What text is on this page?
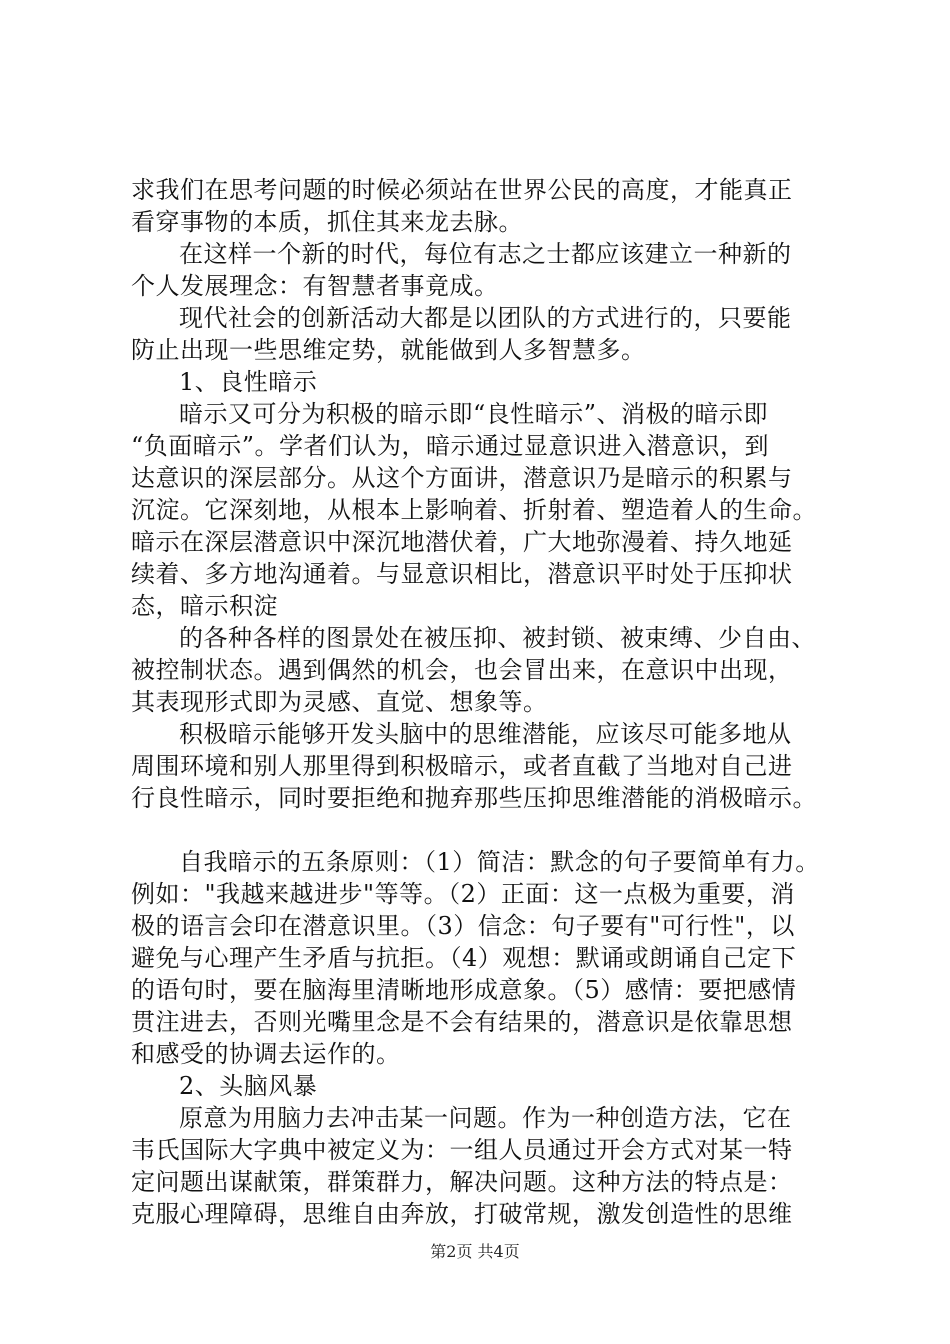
求我们在思考问题的时候必须站在世界公民的高度，才能真正
看穿事物的本质，抓住其来龙去脉。
在这样一个新的时代，每位有志之士都应该建立一种新的
个人发展理念：有智慧者事竟成。
现代社会的创新活动大都是以团队的方式进行的，只要能
防止出现一些思维定势，就能做到人多智慧多。
1、良性暗示
暗示又可分为积极的暗示即“良性暗示”、消极的暗示即
“负面暗示”。学者们认为，暗示通过显意识进入潜意识，到
达意识的深层部分。从这个方面讲，潜意识乃是暗示的积累与
沉淀。它深刻地，从根本上影响着、折射着、塑造着人的生命。
暗示在深层潜意识中深沉地潜伏着，广大地弥漫着、持久地延
续着、多方地沟通着。与显意识相比，潜意识平时处于压抑状
态，暗示积淀
的各种各样的图景处在被压抑、被封锁、被束缚、少自由、
被控制状态。遇到偶然的机会，也会冒出来，在意识中出现，
其表现形式即为灵感、直觉、想象等。
积极暗示能够开发头脑中的思维潜能，应该尽可能多地从
周围环境和别人那里得到积极暗示，或者直截了当地对自己进
行良性暗示，同时要拒绝和抛弃那些压抑思维潜能的消极暗示。
自我暗示的五条原则：（1）简洁：默念的句子要简单有力。
例如："我越来越进步"等等。（2）正面：这一点极为重要，消
极的语言会印在潜意识里。（3）信念：句子要有"可行性"，以
避免与心理产生矛盾与抗拒。（4）观想：默诵或朗诵自己定下
的语句时，要在脑海里清晰地形成意象。（5）感情：要把感情
贯注进去，否则光嘴里念是不会有结果的，潜意识是依靠思想
和感受的协调去运作的。
2、头脑风暴
原意为用脑力去冲击某一问题。作为一种创造方法，它在
韦氏国际大字典中被定义为：一组人员通过开会方式对某一特
定问题出谋献策，群策群力，解决问题。这种方法的特点是：
克服心理障碍，思维自由奔放，打破常规，激发创造性的思维
第2页 共4页
